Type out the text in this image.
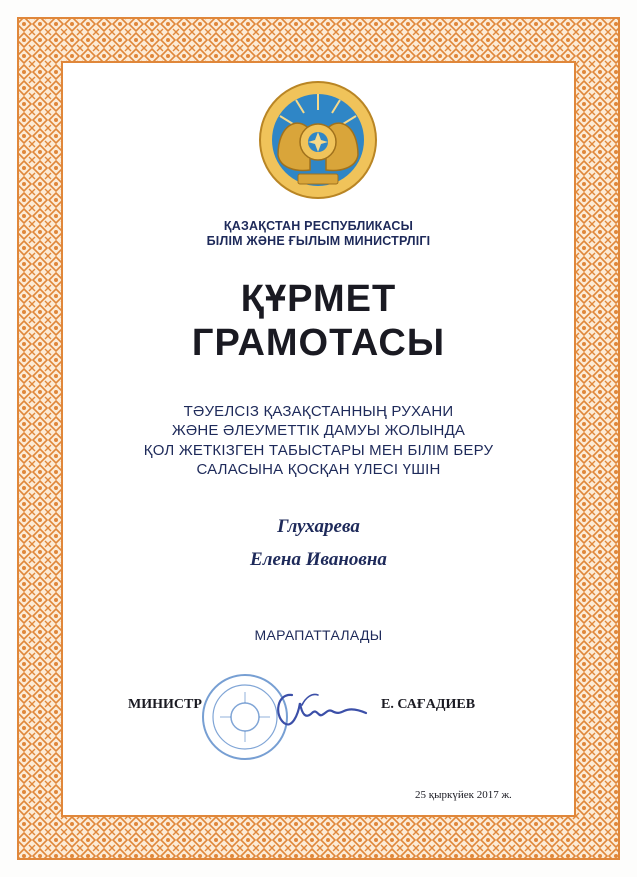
ҚАЗАҚСТАН РЕСПУБЛИКАСЫ
БІЛІМ ЖӘНЕ ҒЫЛЫМ МИНИСТРЛІГІ
ҚҰРМЕТ
ГРАМОТАСЫ
ТӘУЕЛСІЗ ҚАЗАҚСТАННЫҢ РУХАНИ
ЖӘНЕ ӘЛЕУМЕТТІК ДАМУЫ ЖОЛЫНДА
ҚОЛ ЖЕТКІЗГЕН ТАБЫСТАРЫ МЕН БІЛІМ БЕРУ
САЛАСЫНА ҚОСҚАН ҮЛЕСІ ҮШІН
Глухарева
Елена Ивановна
МАРАПАТТАЛАДЫ
МИНИСТР	Е. САҒАДИЕВ
25 қыркүйек 2017 ж.
